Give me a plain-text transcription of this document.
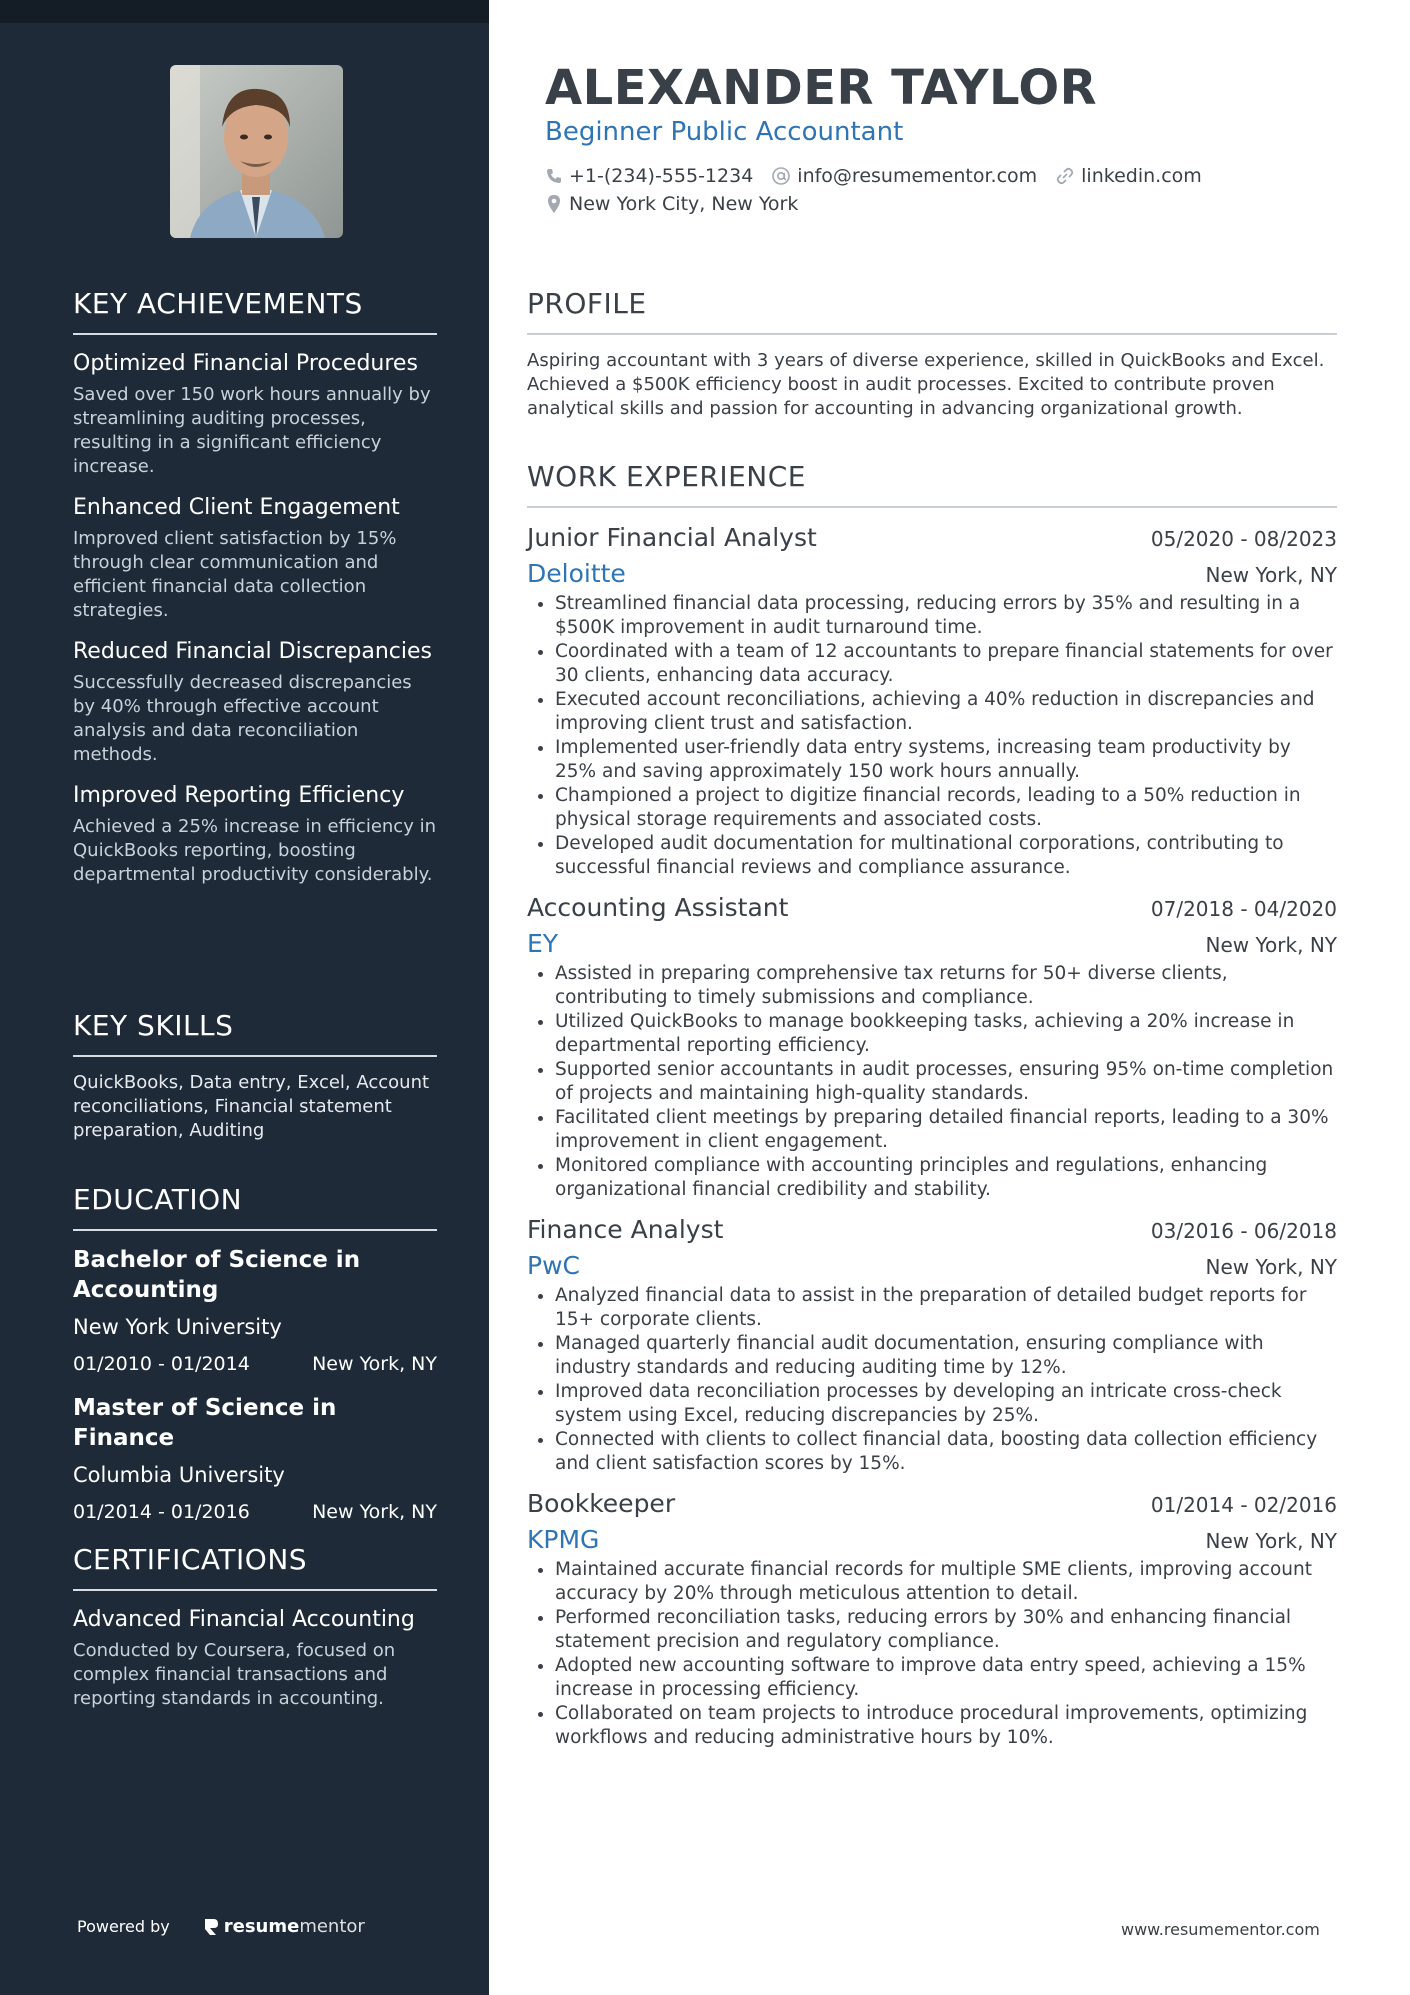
KEY ACHIEVEMENTS
Optimized Financial Procedures
Saved over 150 work hours annually by streamlining auditing processes, resulting in a significant efficiency increase.
Enhanced Client Engagement
Improved client satisfaction by 15% through clear communication and efficient financial data collection strategies.
Reduced Financial Discrepancies
Successfully decreased discrepancies by 40% through effective account analysis and data reconciliation methods.
Improved Reporting Efficiency
Achieved a 25% increase in efficiency in QuickBooks reporting, boosting departmental productivity considerably.
KEY SKILLS
QuickBooks, Data entry, Excel, Account reconciliations, Financial statement preparation, Auditing
EDUCATION
Bachelor of Science in Accounting
New York University
01/2010 - 01/2014	New York, NY
Master of Science in Finance
Columbia University
01/2014 - 01/2016	New York, NY
CERTIFICATIONS
Advanced Financial Accounting
Conducted by Coursera, focused on complex financial transactions and reporting standards in accounting.
Powered by	resume mentor
ALEXANDER TAYLOR
Beginner Public Accountant
+1-(234)-555-1234 info@resumementor.com linkedin.com
New York City, New York
PROFILE
Aspiring accountant with 3 years of diverse experience, skilled in QuickBooks and Excel. Achieved a $500K efficiency boost in audit processes. Excited to contribute proven analytical skills and passion for accounting in advancing organizational growth.
WORK EXPERIENCE
Junior Financial Analyst	05/2020 - 08/2023
Deloitte	New York, NY
• Streamlined financial data processing, reducing errors by 35% and resulting in a $500K improvement in audit turnaround time.
• Coordinated with a team of 12 accountants to prepare financial statements for over 30 clients, enhancing data accuracy.
• Executed account reconciliations, achieving a 40% reduction in discrepancies and improving client trust and satisfaction.
• Implemented user-friendly data entry systems, increasing team productivity by 25% and saving approximately 150 work hours annually.
• Championed a project to digitize financial records, leading to a 50% reduction in physical storage requirements and associated costs.
• Developed audit documentation for multinational corporations, contributing to successful financial reviews and compliance assurance.
Accounting Assistant	07/2018 - 04/2020
EY	New York, NY
• Assisted in preparing comprehensive tax returns for 50+ diverse clients, contributing to timely submissions and compliance.
• Utilized QuickBooks to manage bookkeeping tasks, achieving a 20% increase in departmental reporting efficiency.
• Supported senior accountants in audit processes, ensuring 95% on-time completion of projects and maintaining high-quality standards.
• Facilitated client meetings by preparing detailed financial reports, leading to a 30% improvement in client engagement.
• Monitored compliance with accounting principles and regulations, enhancing organizational financial credibility and stability.
Finance Analyst	03/2016 - 06/2018
PwC	New York, NY
• Analyzed financial data to assist in the preparation of detailed budget reports for 15+ corporate clients.
• Managed quarterly financial audit documentation, ensuring compliance with industry standards and reducing auditing time by 12%.
• Improved data reconciliation processes by developing an intricate cross-check system using Excel, reducing discrepancies by 25%.
• Connected with clients to collect financial data, boosting data collection efficiency and client satisfaction scores by 15%.
Bookkeeper	01/2014 - 02/2016
KPMG	New York, NY
• Maintained accurate financial records for multiple SME clients, improving account accuracy by 20% through meticulous attention to detail.
• Performed reconciliation tasks, reducing errors by 30% and enhancing financial statement precision and regulatory compliance.
• Adopted new accounting software to improve data entry speed, achieving a 15% increase in processing efficiency.
• Collaborated on team projects to introduce procedural improvements, optimizing workflows and reducing administrative hours by 10%.
www.resumementor.com
